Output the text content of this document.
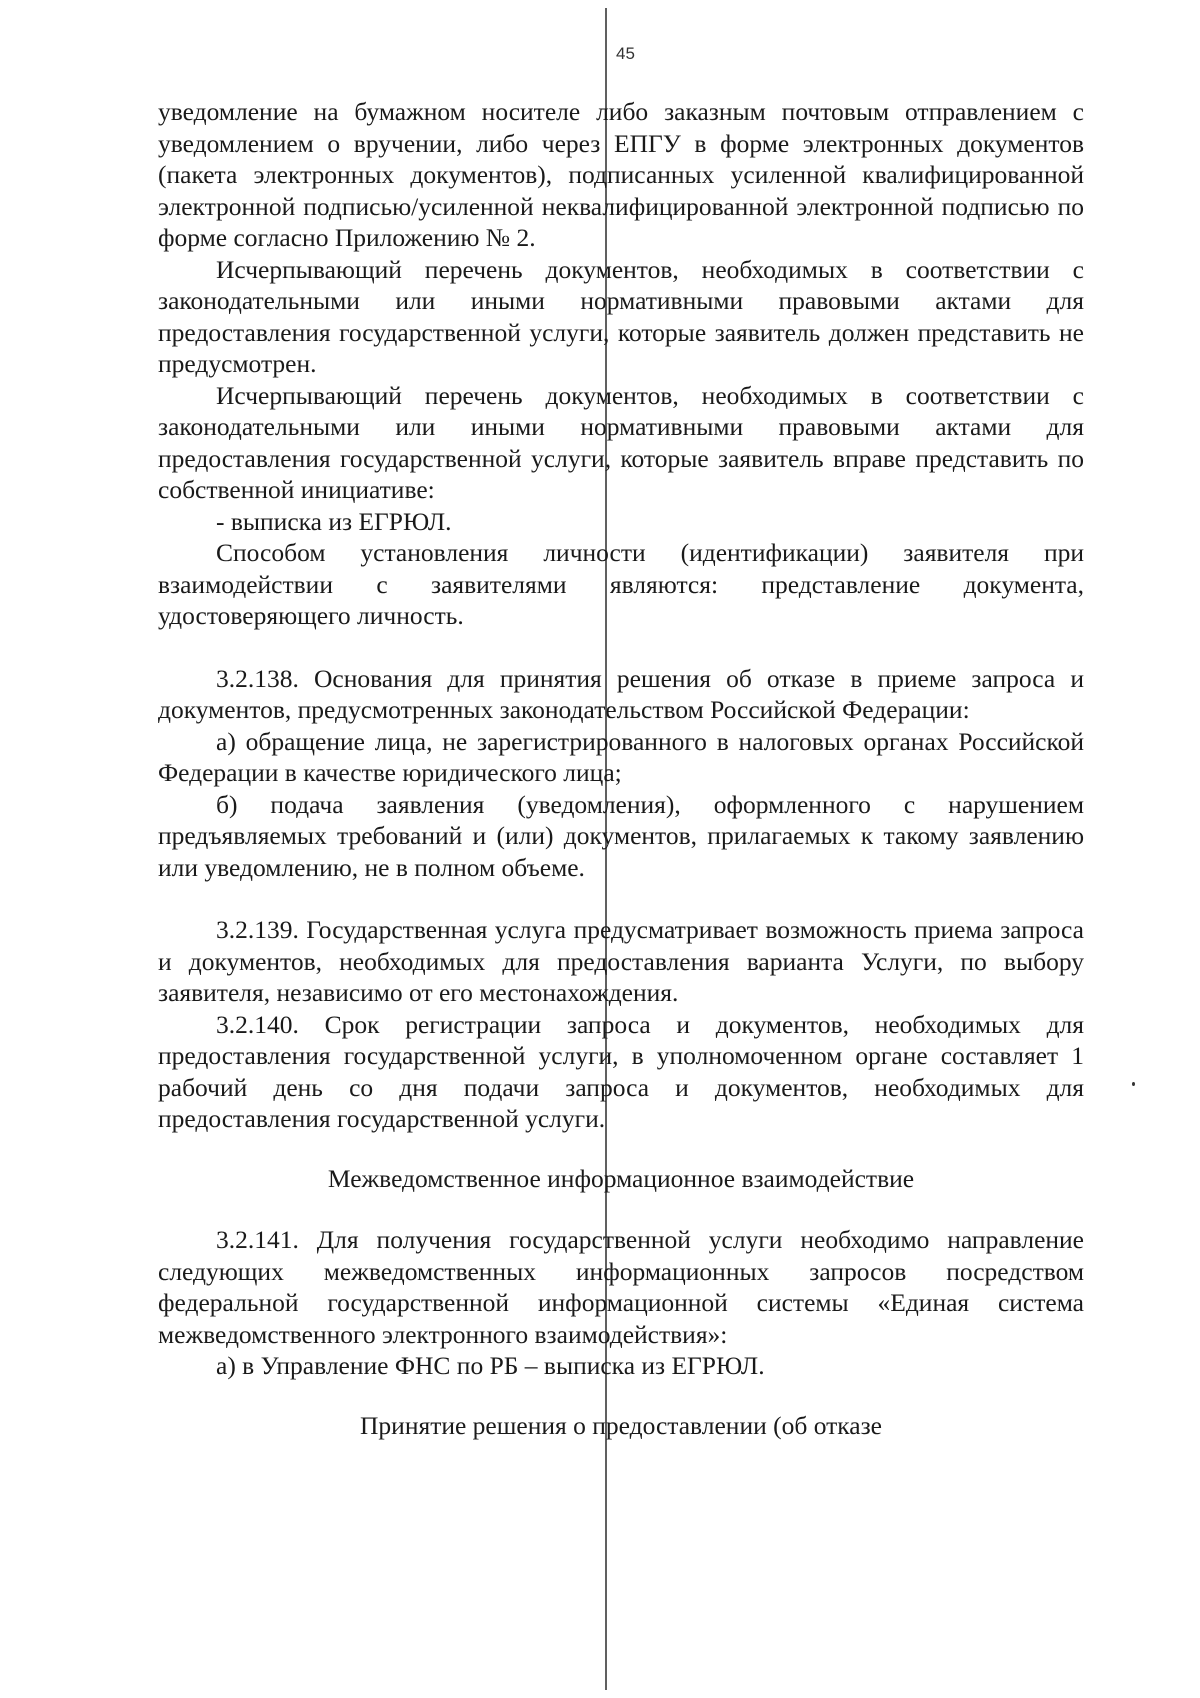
45

уведомление на бумажном носителе либо заказным почтовым отправлением с уведомлением о вручении, либо через ЕПГУ в форме электронных документов (пакета электронных документов), подписанных усиленной квалифицированной электронной подписью/усиленной неквалифицированной электронной подписью по форме согласно Приложению № 2.

Исчерпывающий перечень документов, необходимых в соответствии с законодательными или иными нормативными правовыми актами для предоставления государственной услуги, которые заявитель должен представить не предусмотрен.

Исчерпывающий перечень документов, необходимых в соответствии с законодательными или иными нормативными правовыми актами для предоставления государственной услуги, которые заявитель вправе представить по собственной инициативе:

- выписка из ЕГРЮЛ.

Способом установления личности (идентификации) заявителя при взаимодействии с заявителями являются: представление документа, удостоверяющего личность.

3.2.138. Основания для принятия решения об отказе в приеме запроса и документов, предусмотренных законодательством Российской Федерации:

а) обращение лица, не зарегистрированного в налоговых органах Российской Федерации в качестве юридического лица;

б) подача заявления (уведомления), оформленного с нарушением предъявляемых требований и (или) документов, прилагаемых к такому заявлению или уведомлению, не в полном объеме.

3.2.139. Государственная услуга предусматривает возможность приема запроса и документов, необходимых для предоставления варианта Услуги, по выбору заявителя, независимо от его местонахождения.

3.2.140. Срок регистрации запроса и документов, необходимых для предоставления государственной услуги, в уполномоченном органе составляет 1 рабочий день со дня подачи запроса и документов, необходимых для предоставления государственной услуги.

Межведомственное информационное взаимодействие

3.2.141. Для получения государственной услуги необходимо направление следующих межведомственных информационных запросов посредством федеральной государственной информационной системы «Единая система межведомственного электронного взаимодействия»:

а) в Управление ФНС по РБ – выписка из ЕГРЮЛ.

Принятие решения о предоставлении (об отказе
